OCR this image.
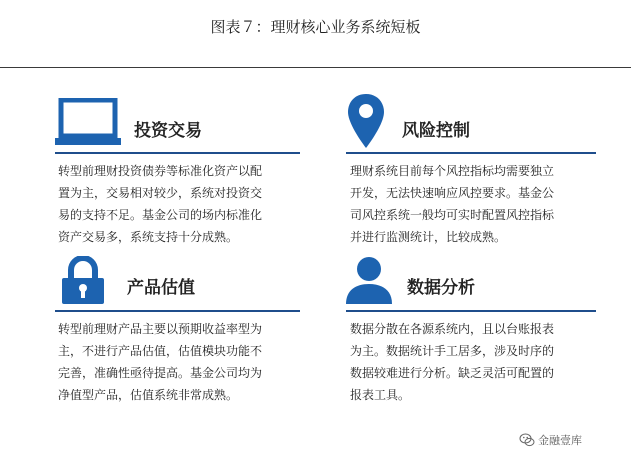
图表７：理财核心业务系统短板
投资交易
转型前理财投资债券等标准化资产以配
置为主，交易相对较少，系统对投资交
易的支持不足。基金公司的场内标准化
资产交易多，系统支持十分成熟。
风险控制
理财系统目前每个风控指标均需要独立
开发，无法快速响应风控要求。基金公
司风控系统一般均可实时配置风控指标
并进行监测统计，比较成熟。
产品估值
转型前理财产品主要以预期收益率型为
主，不进行产品估值，估值模块功能不
完善，准确性亟待提高。基金公司均为
净值型产品，估值系统非常成熟。
数据分析
数据分散在各源系统内，且以台账报表
为主。数据统计手工居多，涉及时序的
数据较难进行分析。缺乏灵活可配置的
报表工具。
金融壹库
